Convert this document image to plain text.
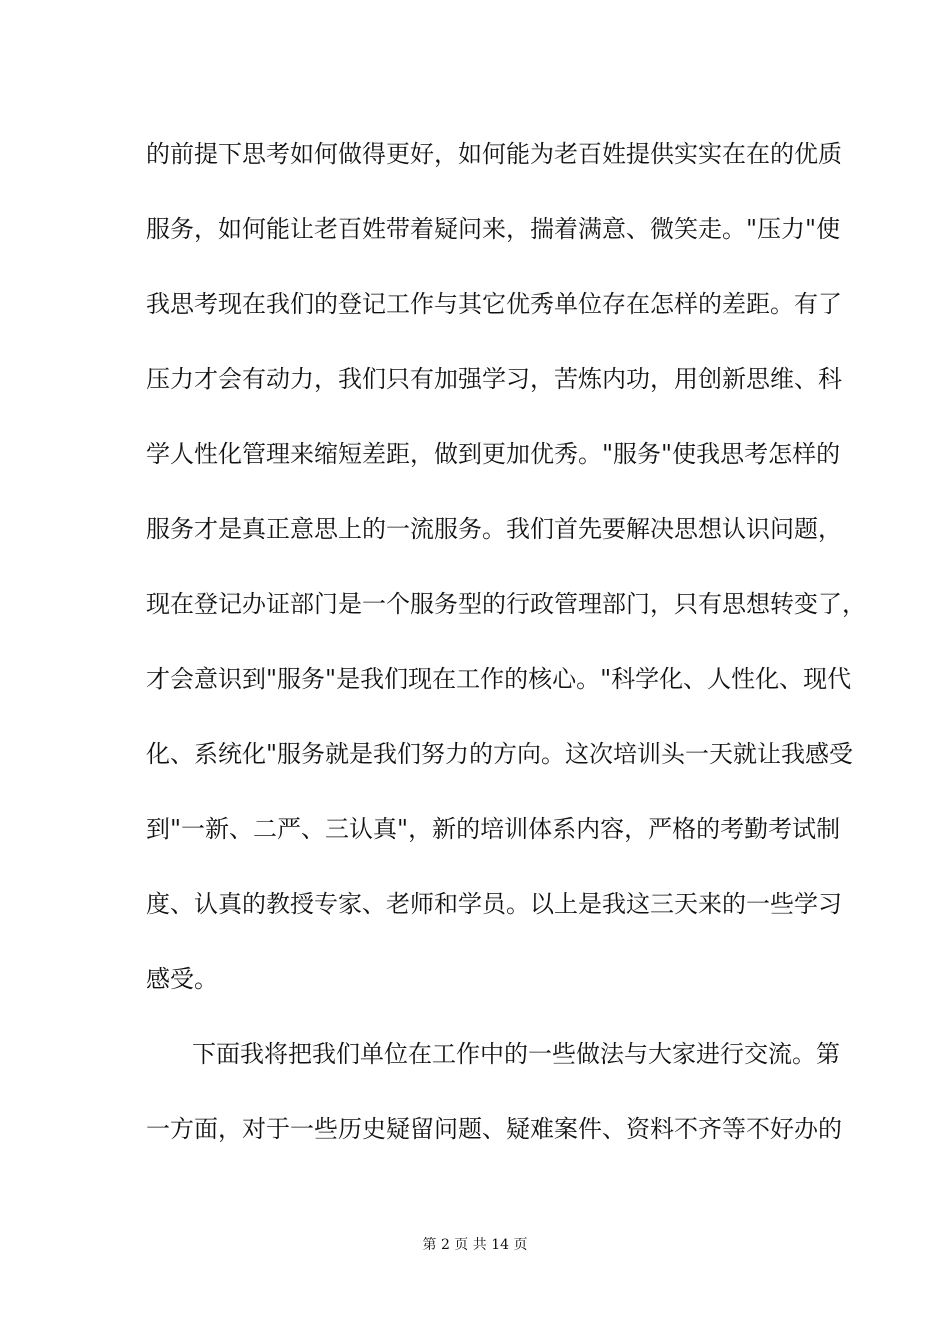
的前提下思考如何做得更好，如何能为老百姓提供实实在在的优质
服务，如何能让老百姓带着疑问来，揣着满意、微笑走。"压力"使
我思考现在我们的登记工作与其它优秀单位存在怎样的差距。有了
压力才会有动力，我们只有加强学习，苦炼内功，用创新思维、科
学人性化管理来缩短差距，做到更加优秀。"服务"使我思考怎样的
服务才是真正意思上的一流服务。我们首先要解决思想认识问题，
现在登记办证部门是一个服务型的行政管理部门，只有思想转变了，
才会意识到"服务"是我们现在工作的核心。"科学化、人性化、现代
化、系统化"服务就是我们努力的方向。这次培训头一天就让我感受
到"一新、二严、三认真"，新的培训体系内容，严格的考勤考试制
度、认真的教授专家、老师和学员。以上是我这三天来的一些学习
感受。
下面我将把我们单位在工作中的一些做法与大家进行交流。第
一方面，对于一些历史疑留问题、疑难案件、资料不齐等不好办的
第 2 页 共 14 页
